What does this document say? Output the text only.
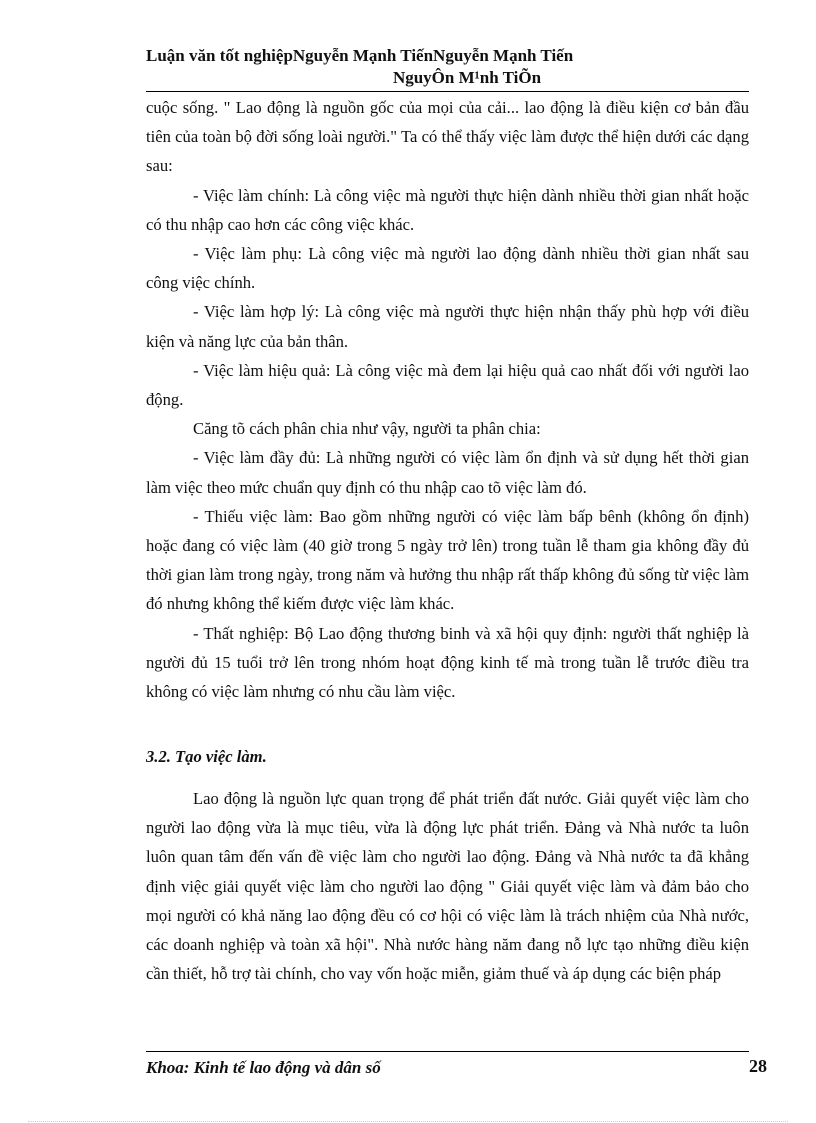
Luận văn tốt nghiệpNguyễn Mạnh TiếnNguyễn Mạnh Tiến
NguyÔn M¹nh TiÕn

cuộc sống. " Lao động là nguồn gốc của mọi của cải... lao động là điều kiện cơ bản đầu tiên của toàn bộ đời sống loài người." Ta có thể thấy việc làm được thể hiện dưới các dạng sau:

- Việc làm chính: Là công việc mà người thực hiện dành nhiều thời gian nhất hoặc có thu nhập cao hơn các công việc khác.

- Việc làm phụ: Là công việc mà người lao động dành nhiều thời gian nhất sau công việc chính.

- Việc làm hợp lý: Là công việc mà người thực hiện nhận thấy phù hợp với điều kiện và năng lực của bản thân.

- Việc làm hiệu quả: Là công việc mà đem lại hiệu quả cao nhất đối với người lao động.

Căng tõ cách phân chia như vậy, người ta phân chia:

- Việc làm đầy đủ: Là những người có việc làm ổn định và sử dụng hết thời gian làm việc theo mức chuẩn quy định có thu nhập cao tõ việc làm đó.

- Thiếu việc làm: Bao gồm những người có việc làm bấp bênh (không ổn định) hoặc đang có việc làm (40 giờ trong 5 ngày trở lên) trong tuần lễ tham gia không đầy đủ thời gian làm trong ngày, trong năm và hưởng thu nhập rất thấp không đủ sống từ việc làm đó nhưng không thể kiếm được việc làm khác.

- Thất nghiệp: Bộ Lao động thương binh và xã hội quy định: người thất nghiệp là người đủ 15 tuổi trở lên trong nhóm hoạt động kinh tế mà trong tuần lễ trước điều tra không có việc làm nhưng có nhu cầu làm việc.

3.2. Tạo việc làm.

Lao động là nguồn lực quan trọng để phát triển đất nước. Giải quyết việc làm cho người lao động vừa là mục tiêu, vừa là động lực phát triển. Đảng và Nhà nước ta luôn luôn quan tâm đến vấn đề việc làm cho người lao động. Đảng và Nhà nước ta đã khẳng định việc giải quyết việc làm cho người lao động " Giải quyết việc làm và đảm bảo cho mọi người có khả năng lao động đều có cơ hội có việc làm là trách nhiệm của Nhà nước, các doanh nghiệp và toàn xã hội". Nhà nước hàng năm đang nỗ lực tạo những điều kiện cần thiết, hỗ trợ tài chính, cho vay vốn hoặc miễn, giảm thuế và áp dụng các biện pháp

Khoa: Kinh tế lao động và dân số	28
